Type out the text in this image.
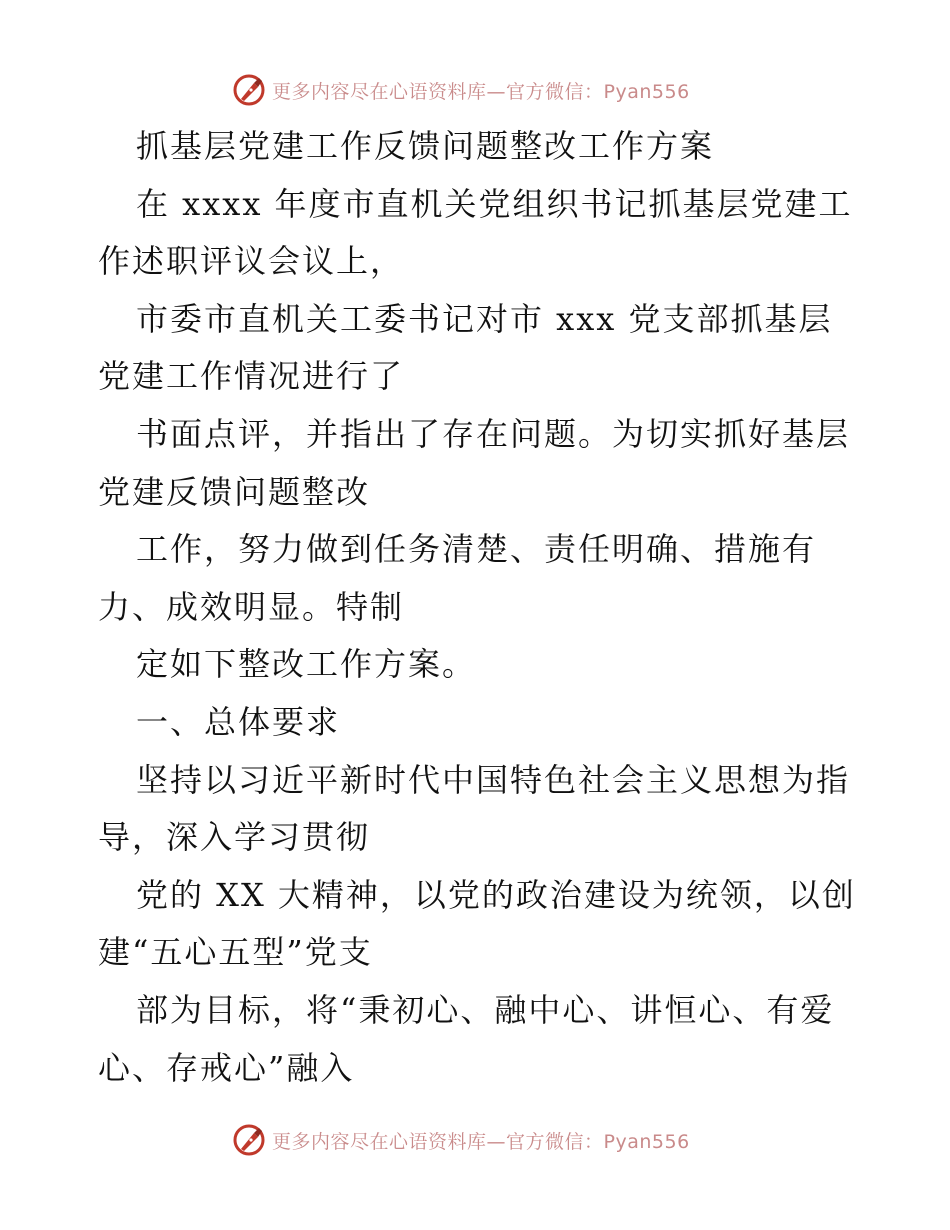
更多内容尽在心语资料库—官方微信：Pyan556
抓基层党建工作反馈问题整改工作方案
在 xxxx 年度市直机关党组织书记抓基层党建工
作述职评议会议上，
市委市直机关工委书记对市 xxx 党支部抓基层
党建工作情况进行了
书面点评，并指出了存在问题。为切实抓好基层
党建反馈问题整改
工作，努力做到任务清楚、责任明确、措施有
力、成效明显。特制
定如下整改工作方案。
一、总体要求
坚持以习近平新时代中国特色社会主义思想为指
导，深入学习贯彻
党的 XX 大精神，以党的政治建设为统领，以创
建“五心五型”党支
部为目标，将“秉初心、融中心、讲恒心、有爱
心、存戒心”融入
更多内容尽在心语资料库—官方微信：Pyan556
